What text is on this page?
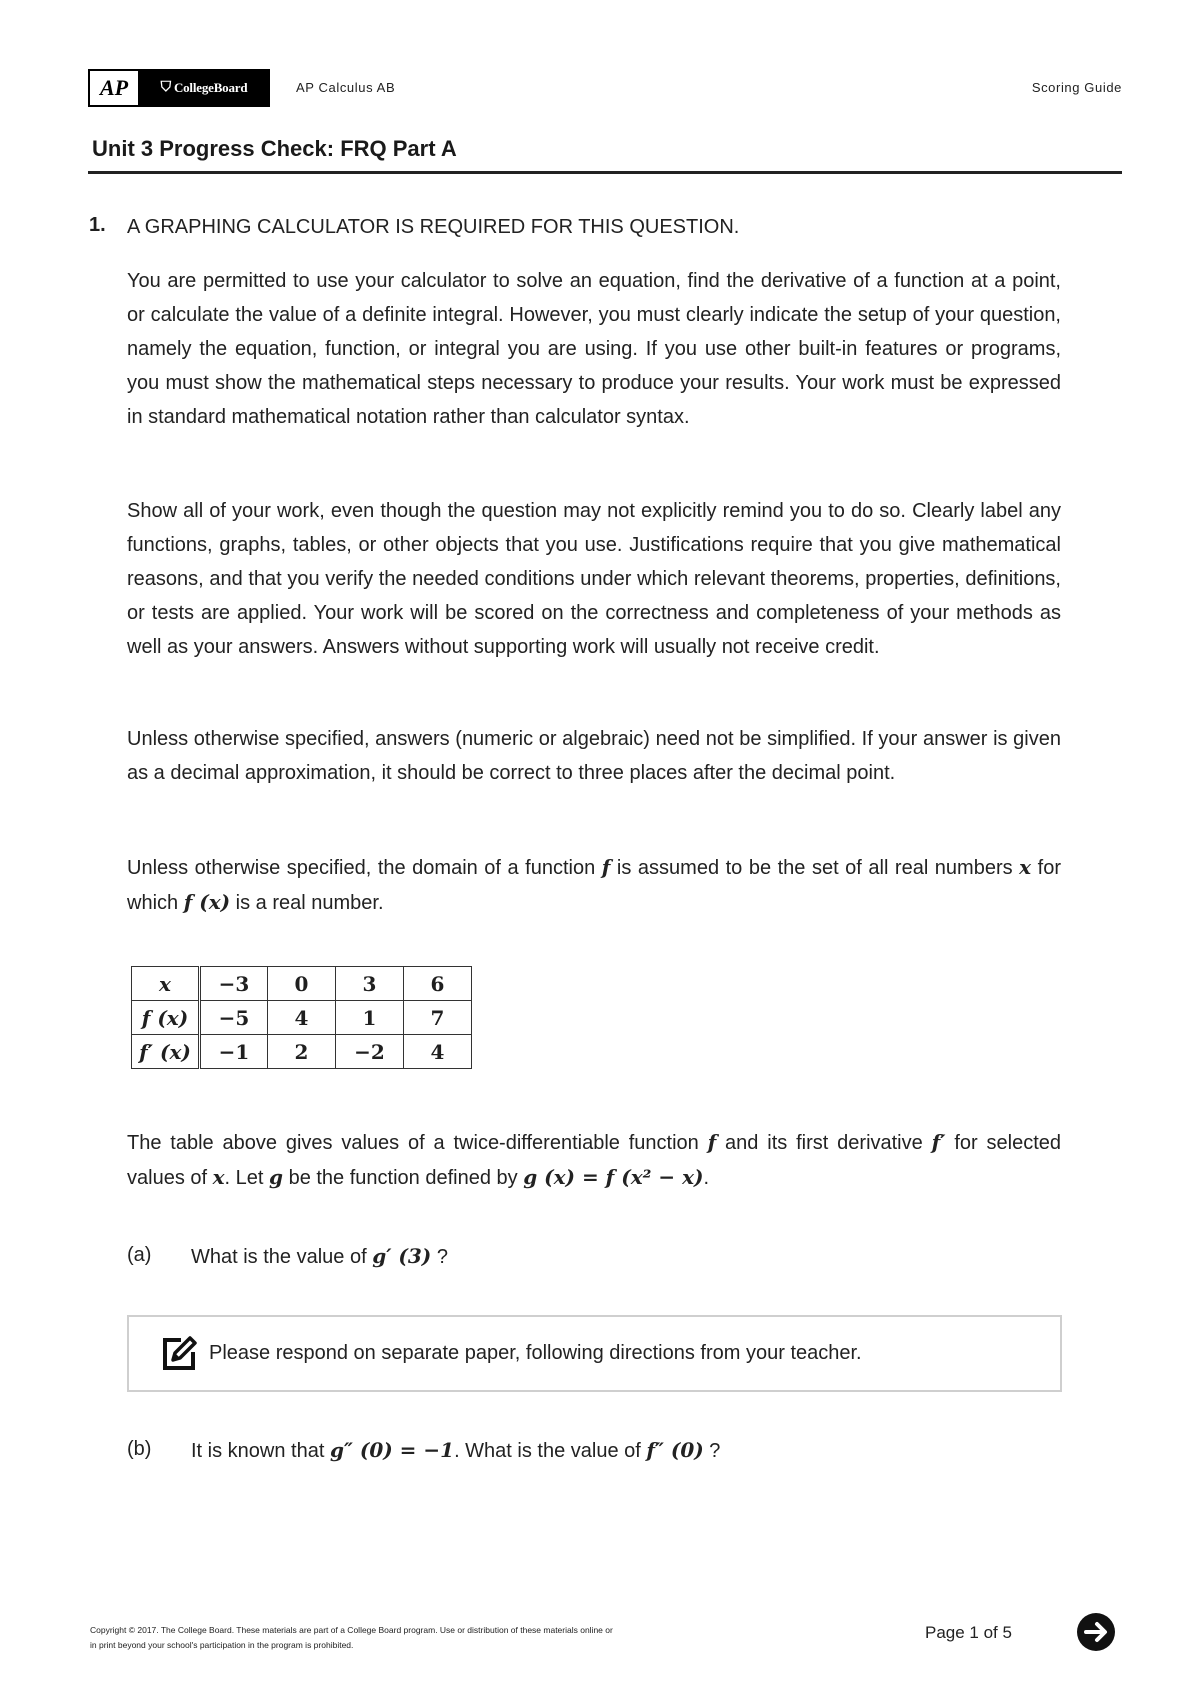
AP	⛉ CollegeBoard	AP Calculus AB	Scoring Guide
Unit 3 Progress Check: FRQ Part A
1. A GRAPHING CALCULATOR IS REQUIRED FOR THIS QUESTION.

You are permitted to use your calculator to solve an equation, find the derivative of a function at a point, or calculate the value of a definite integral. However, you must clearly indicate the setup of your question, namely the equation, function, or integral you are using. If you use other built-in features or programs, you must show the mathematical steps necessary to produce your results. Your work must be expressed in standard mathematical notation rather than calculator syntax.

Show all of your work, even though the question may not explicitly remind you to do so. Clearly label any functions, graphs, tables, or other objects that you use. Justifications require that you give mathematical reasons, and that you verify the needed conditions under which relevant theorems, properties, definitions, or tests are applied. Your work will be scored on the correctness and completeness of your methods as well as your answers. Answers without supporting work will usually not receive credit.

Unless otherwise specified, answers (numeric or algebraic) need not be simplified. If your answer is given as a decimal approximation, it should be correct to three places after the decimal point.

Unless otherwise specified, the domain of a function f is assumed to be the set of all real numbers x for which f (x) is a real number.

x	−3	0	3	6
f (x)	−5	4	1	7
f′ (x)	−1	2	−2	4

The table above gives values of a twice-differentiable function f and its first derivative f′ for selected values of x. Let g be the function defined by g (x) = f (x² − x).

(a) What is the value of g′ (3) ?
Please respond on separate paper, following directions from your teacher.
(b) It is known that g″ (0) = −1. What is the value of f″ (0) ?
Copyright © 2017. The College Board. These materials are part of a College Board program. Use or distribution of these materials online or
in print beyond your school's participation in the program is prohibited.
Page 1 of 5
